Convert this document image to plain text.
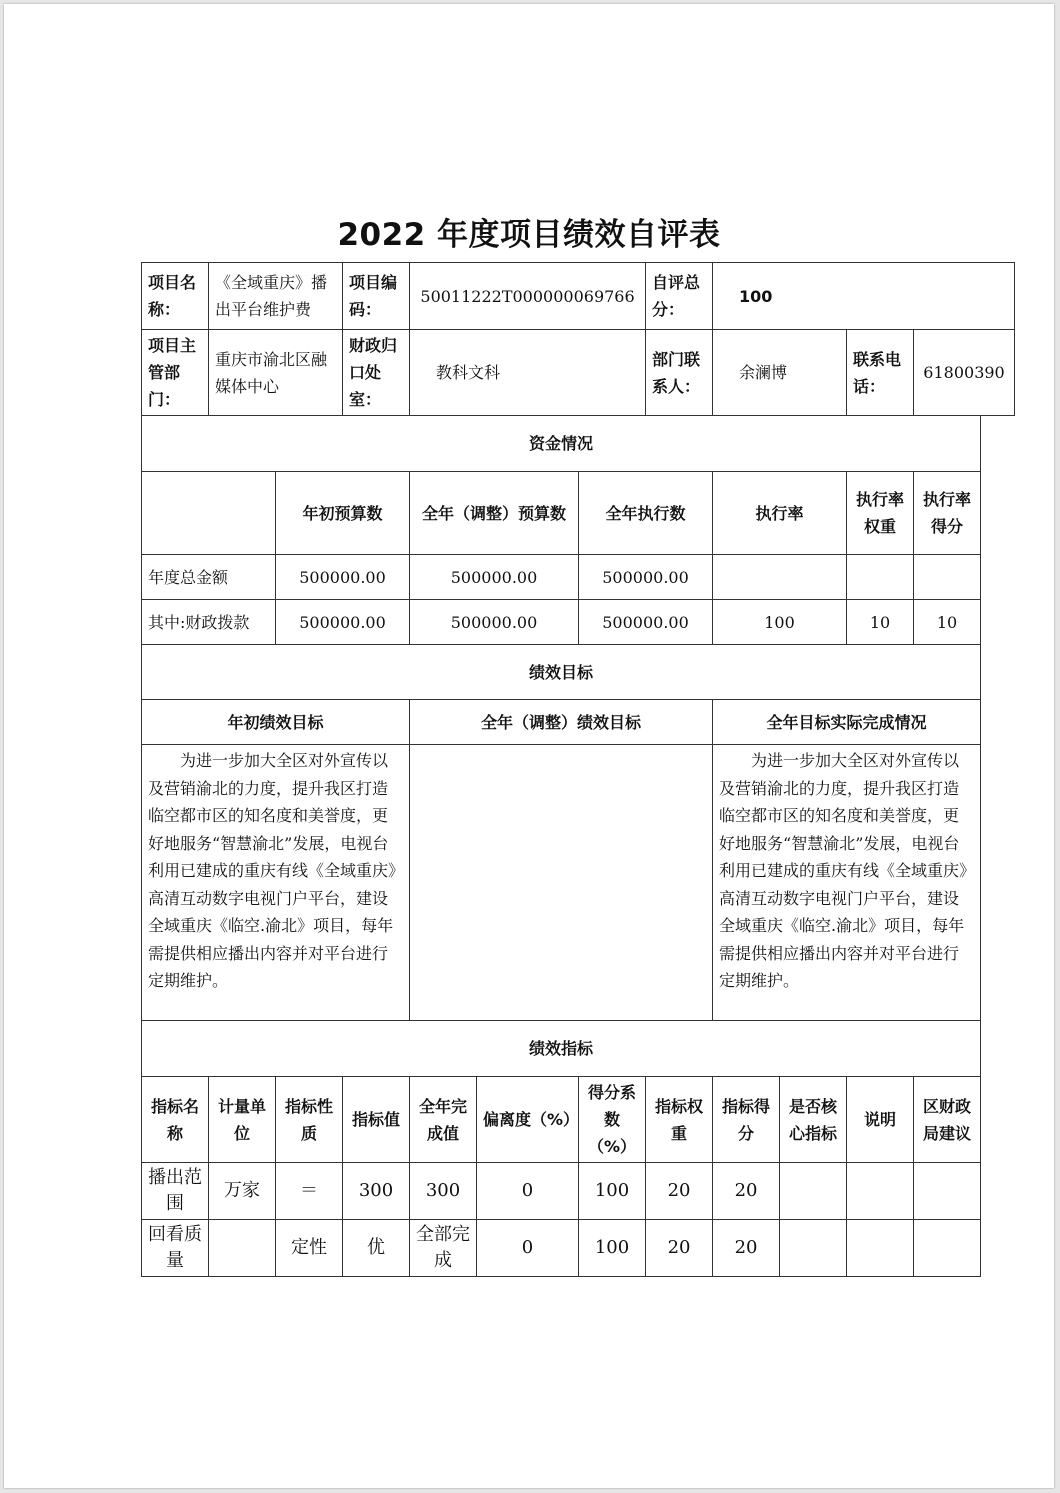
2022 年度项目绩效自评表
项目名称：	《全域重庆》播出平台维护费		项目编码：	50011222T000000069766			自评总分：	100			
项目主管部门：	重庆市渝北区融媒体中心		财政归口处室：	教科文科			部门联系人：	余澜博		联系电话：	61800390
资金情况											
		年初预算数		全年（调整）预算数		全年执行数		执行率		执行率权重	执行率得分
年度总金额		500000.00		500000.00		500000.00					
其中:财政拨款		500000.00		500000.00		500000.00		100		10	10
绩效目标											
年初绩效目标				全年（调整）绩效目标				全年目标实际完成情况			
为进一步加大全区对外宣传以及营销渝北的力度，提升我区打造临空都市区的知名度和美誉度，更好地服务“智慧渝北”发展，电视台利用已建成的重庆有线《全域重庆》高清互动数字电视门户平台，建设全域重庆《临空.渝北》项目，每年需提供相应播出内容并对平台进行定期维护。								为进一步加大全区对外宣传以及营销渝北的力度，提升我区打造临空都市区的知名度和美誉度，更好地服务“智慧渝北”发展，电视台利用已建成的重庆有线《全域重庆》高清互动数字电视门户平台，建设全域重庆《临空.渝北》项目，每年需提供相应播出内容并对平台进行定期维护。			
绩效指标											
指标名称	计量单位	指标性质	指标值	全年完成值	偏离度（%）	得分系数（%）	指标权重	指标得分	是否核心指标	说明	区财政局建议
播出范围	万家	＝	300	300	0	100	20	20			
回看质量		定性	优	全部完成	0	100	20	20			
